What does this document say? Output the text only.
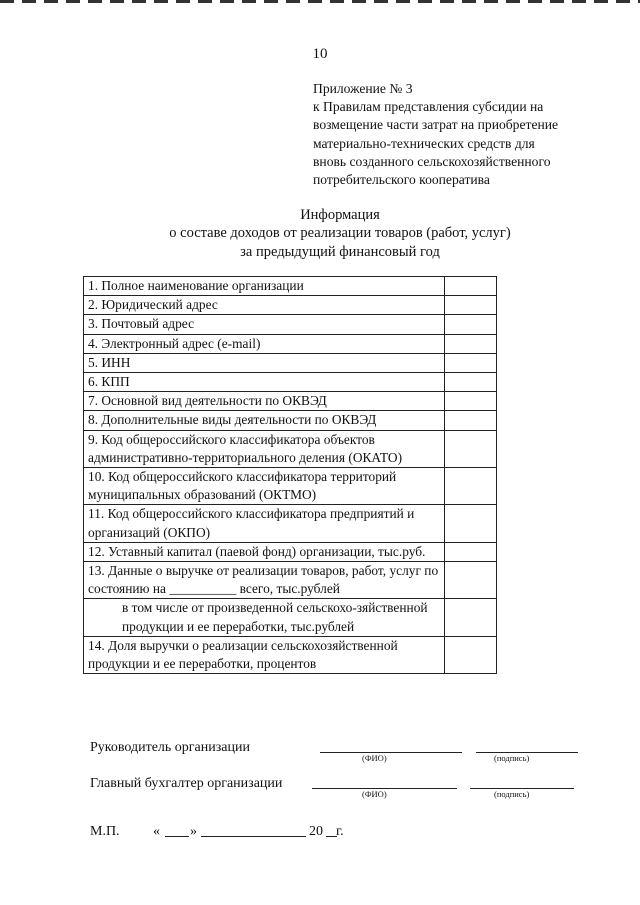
10
Приложение № 3
к Правилам представления субсидии на
возмещение части затрат на приобретение
материально-технических средств для
вновь созданного сельскохозяйственного
потребительского кооператива
Информация
о составе доходов от реализации товаров (работ, услуг)
за предыдущий финансовый год
1. Полное наименование организации	
2. Юридический адрес	
3. Почтовый адрес	
4. Электронный адрес (e-mail)	
5. ИНН	
6. КПП	
7. Основной вид деятельности по ОКВЭД	
8. Дополнительные виды деятельности по ОКВЭД	
9. Код общероссийского классификатора объектов административно-территориального деления (ОКАТО)	
10. Код общероссийского классификатора территорий муниципальных образований (ОКТМО)	
11. Код общероссийского классификатора предприятий и организаций (ОКПО)	
12. Уставный капитал (паевой фонд) организации, тыс.руб.	
13. Данные о выручке от реализации товаров, работ, услуг по состоянию на __________ всего, тыс.рублей	
в том числе от произведенной сельскохо-зяйственной продукции и ее переработки, тыс.рублей	
14. Доля выручки о реализации сельскохозяйственной продукции и ее переработки, процентов	
Руководитель организации
(ФИО)	(подпись)
Главный бухгалтер организации
(ФИО)	(подпись)
М.П. « »	20 г.
